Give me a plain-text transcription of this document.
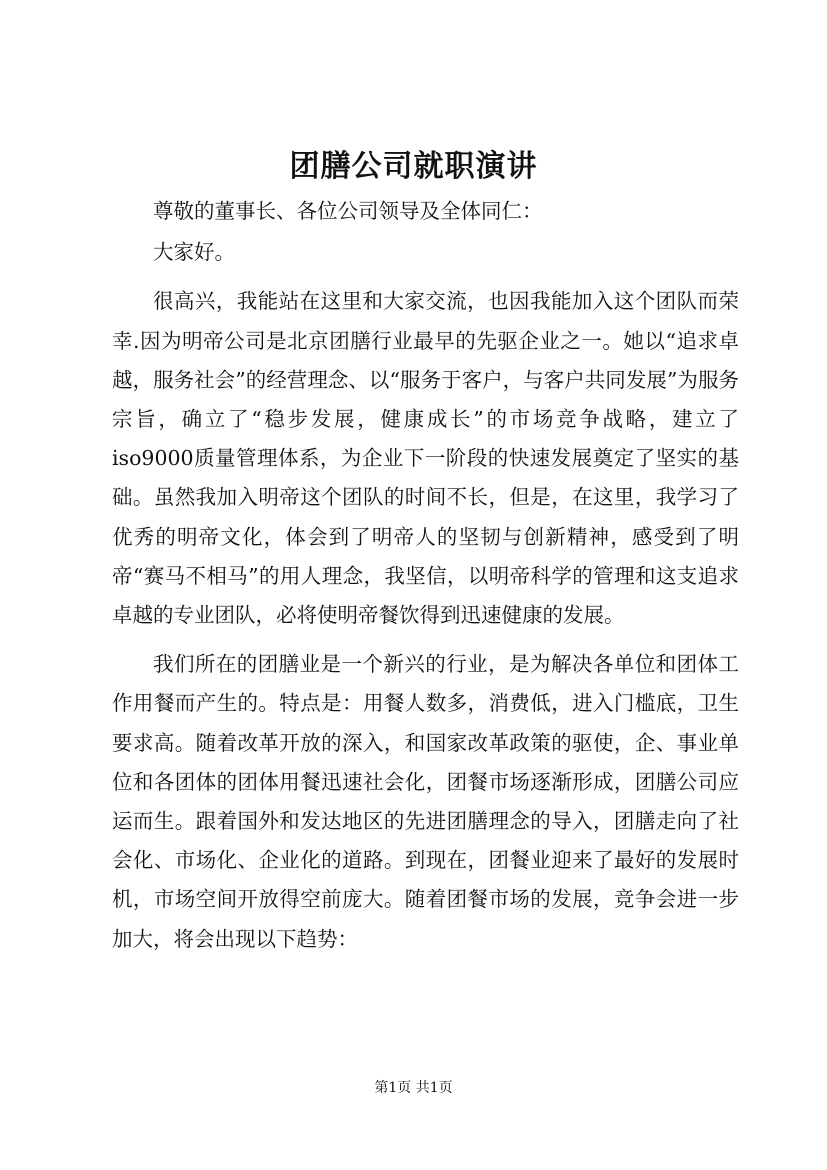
团膳公司就职演讲

尊敬的董事长、各位公司领导及全体同仁：

大家好。

很高兴，我能站在这里和大家交流，也因我能加入这个团队而荣幸.因为明帝公司是北京团膳行业最早的先驱企业之一。她以“追求卓越，服务社会”的经营理念、以“服务于客户，与客户共同发展”为服务宗旨，确立了“稳步发展，健康成长”的市场竞争战略，建立了iso9000质量管理体系，为企业下一阶段的快速发展奠定了坚实的基础。虽然我加入明帝这个团队的时间不长，但是，在这里，我学习了优秀的明帝文化，体会到了明帝人的坚韧与创新精神，感受到了明帝“赛马不相马”的用人理念，我坚信，以明帝科学的管理和这支追求卓越的专业团队，必将使明帝餐饮得到迅速健康的发展。

我们所在的团膳业是一个新兴的行业，是为解决各单位和团体工作用餐而产生的。特点是：用餐人数多，消费低，进入门槛底，卫生要求高。随着改革开放的深入，和国家改革政策的驱使，企、事业单位和各团体的团体用餐迅速社会化，团餐市场逐渐形成，团膳公司应运而生。跟着国外和发达地区的先进团膳理念的导入，团膳走向了社会化、市场化、企业化的道路。到现在，团餐业迎来了最好的发展时机，市场空间开放得空前庞大。随着团餐市场的发展，竞争会进一步加大，将会出现以下趋势：

第1页 共1页
